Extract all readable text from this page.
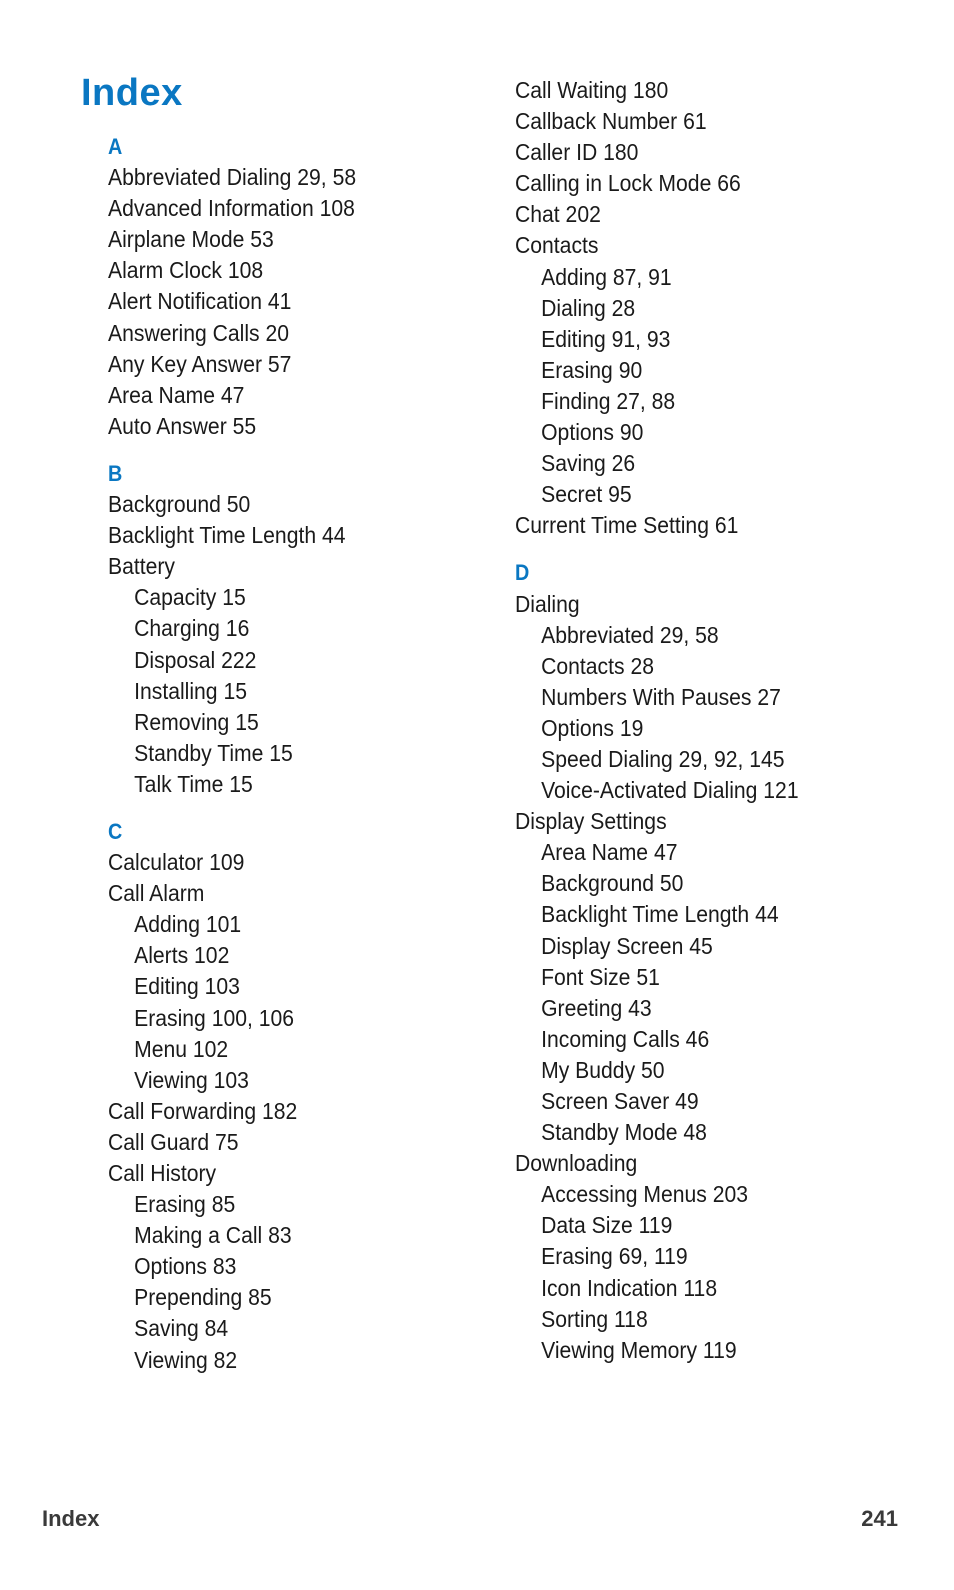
Index
A
Abbreviated Dialing 29, 58
Advanced Information 108
Airplane Mode 53
Alarm Clock 108
Alert Notification 41
Answering Calls 20
Any Key Answer 57
Area Name 47
Auto Answer 55
B
Background 50
Backlight Time Length 44
Battery
Capacity 15
Charging 16
Disposal 222
Installing 15
Removing 15
Standby Time 15
Talk Time 15
C
Calculator 109
Call Alarm
Adding 101
Alerts 102
Editing 103
Erasing 100, 106
Menu 102
Viewing 103
Call Forwarding 182
Call Guard 75
Call History
Erasing 85
Making a Call 83
Options 83
Prepending 85
Saving 84
Viewing 82
Call Waiting 180
Callback Number 61
Caller ID 180
Calling in Lock Mode 66
Chat 202
Contacts
Adding 87, 91
Dialing 28
Editing 91, 93
Erasing 90
Finding 27, 88
Options 90
Saving 26
Secret 95
Current Time Setting 61
D
Dialing
Abbreviated 29, 58
Contacts 28
Numbers With Pauses 27
Options 19
Speed Dialing 29, 92, 145
Voice-Activated Dialing 121
Display Settings
Area Name 47
Background 50
Backlight Time Length 44
Display Screen 45
Font Size 51
Greeting 43
Incoming Calls 46
My Buddy 50
Screen Saver 49
Standby Mode 48
Downloading
Accessing Menus 203
Data Size 119
Erasing 69, 119
Icon Indication 118
Sorting 118
Viewing Memory 119
Index	241
